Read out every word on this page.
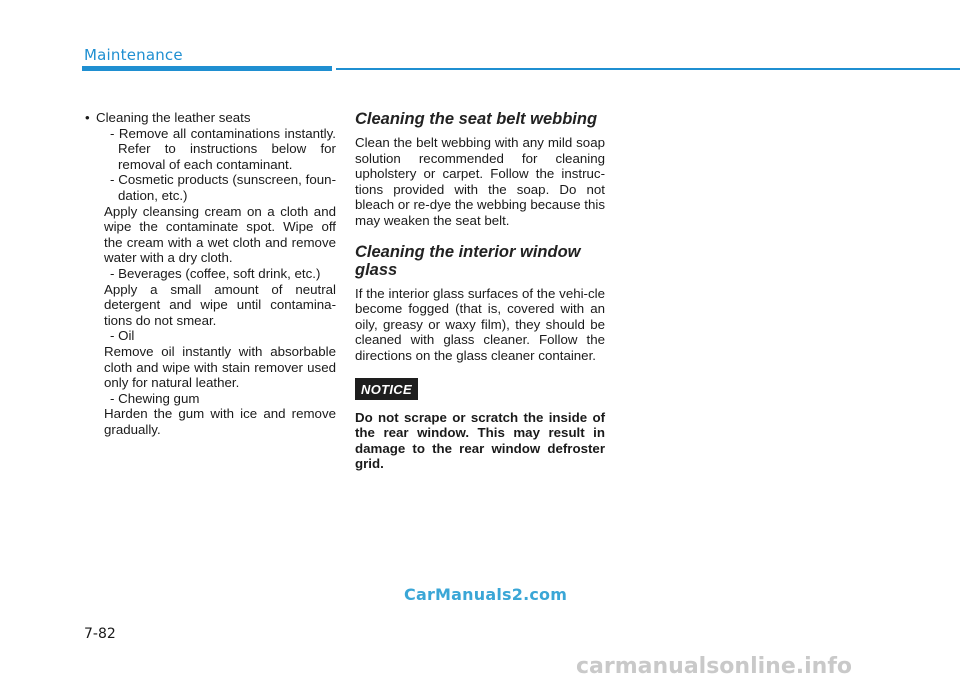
Maintenance
• Cleaning the leather seats
- Remove all contaminations instantly. Refer to instructions below for removal of each contaminant.
- Cosmetic products (sunscreen, foun-dation, etc.)

Apply cleansing cream on a cloth and wipe the contaminate spot. Wipe off the cream with a wet cloth and remove water with a dry cloth.

- Beverages (coffee, soft drink, etc.)

Apply a small amount of neutral detergent and wipe until contamina-tions do not smear.

- Oil

Remove oil instantly with absorbable cloth and wipe with stain remover used only for natural leather.

- Chewing gum

Harden the gum with ice and remove gradually.

Cleaning the seat belt webbing

Clean the belt webbing with any mild soap solution recommended for cleaning upholstery or carpet. Follow the instruc-tions provided with the soap. Do not bleach or re-dye the webbing because this may weaken the seat belt.

Cleaning the interior window glass

If the interior glass surfaces of the vehi-cle become fogged (that is, covered with an oily, greasy or waxy film), they should be cleaned with glass cleaner. Follow the directions on the glass cleaner container.

NOTICE

Do not scrape or scratch the inside of the rear window. This may result in damage to the rear window defroster grid.

7-82
CarManuals2.com
carmanualsonline.info
